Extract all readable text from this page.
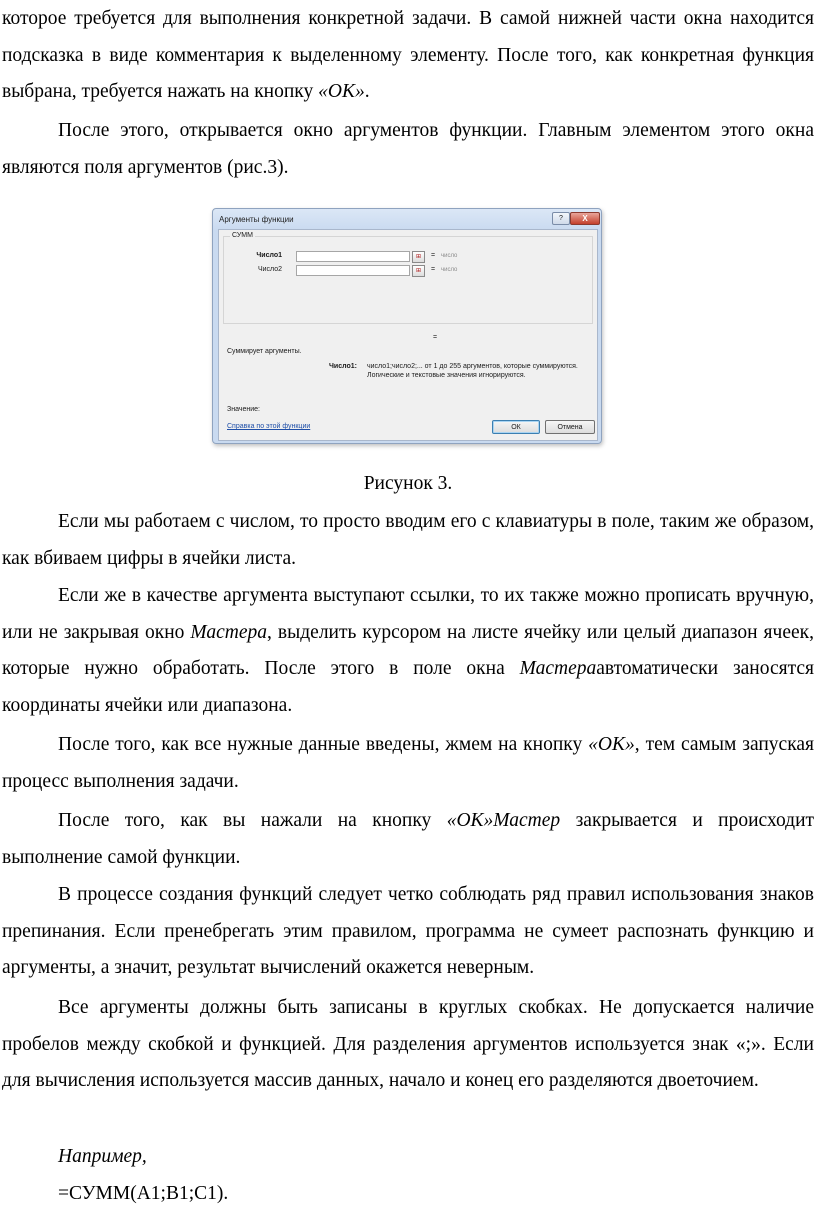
которое требуется для выполнения конкретной задачи. В самой нижней части окна находится подсказка в виде комментария к выделенному элементу. После того, как конкретная функция выбрана, требуется нажать на кнопку «OK».

После этого, открывается окно аргументов функции. Главным элементом этого окна являются поля аргументов (рис.3).

Аргументы функции	?	X
СУММ
Число1	⊞	= число
Число2	⊞	= число
=
Суммирует аргументы.
Число1: число1;число2;... от 1 до 255 аргументов, которые суммируются.
Логические и текстовые значения игнорируются.
Значение:
Справка по этой функции	ОК	Отмена
Рисунок 3.

Если мы работаем с числом, то просто вводим его с клавиатуры в поле, таким же образом, как вбиваем цифры в ячейки листа.

Если же в качестве аргумента выступают ссылки, то их также можно прописать вручную, или не закрывая окно Мастера, выделить курсором на листе ячейку или целый диапазон ячеек, которые нужно обработать. После этого в поле окна Мастераавтоматически заносятся координаты ячейки или диапазона.

После того, как все нужные данные введены, жмем на кнопку «OK», тем самым запуская процесс выполнения задачи.

После того, как вы нажали на кнопку «OK»Мастер закрывается и происходит выполнение самой функции.

В процессе создания функций следует четко соблюдать ряд правил использования знаков препинания. Если пренебрегать этим правилом, программа не сумеет распознать функцию и аргументы, а значит, результат вычислений окажется неверным.

Все аргументы должны быть записаны в круглых скобках. Не допускается наличие пробелов между скобкой и функцией. Для разделения аргументов используется знак «;». Если для вычисления используется массив данных, начало и конец его разделяются двоеточием.

Например,

=СУММ(A1;B1;C1).
